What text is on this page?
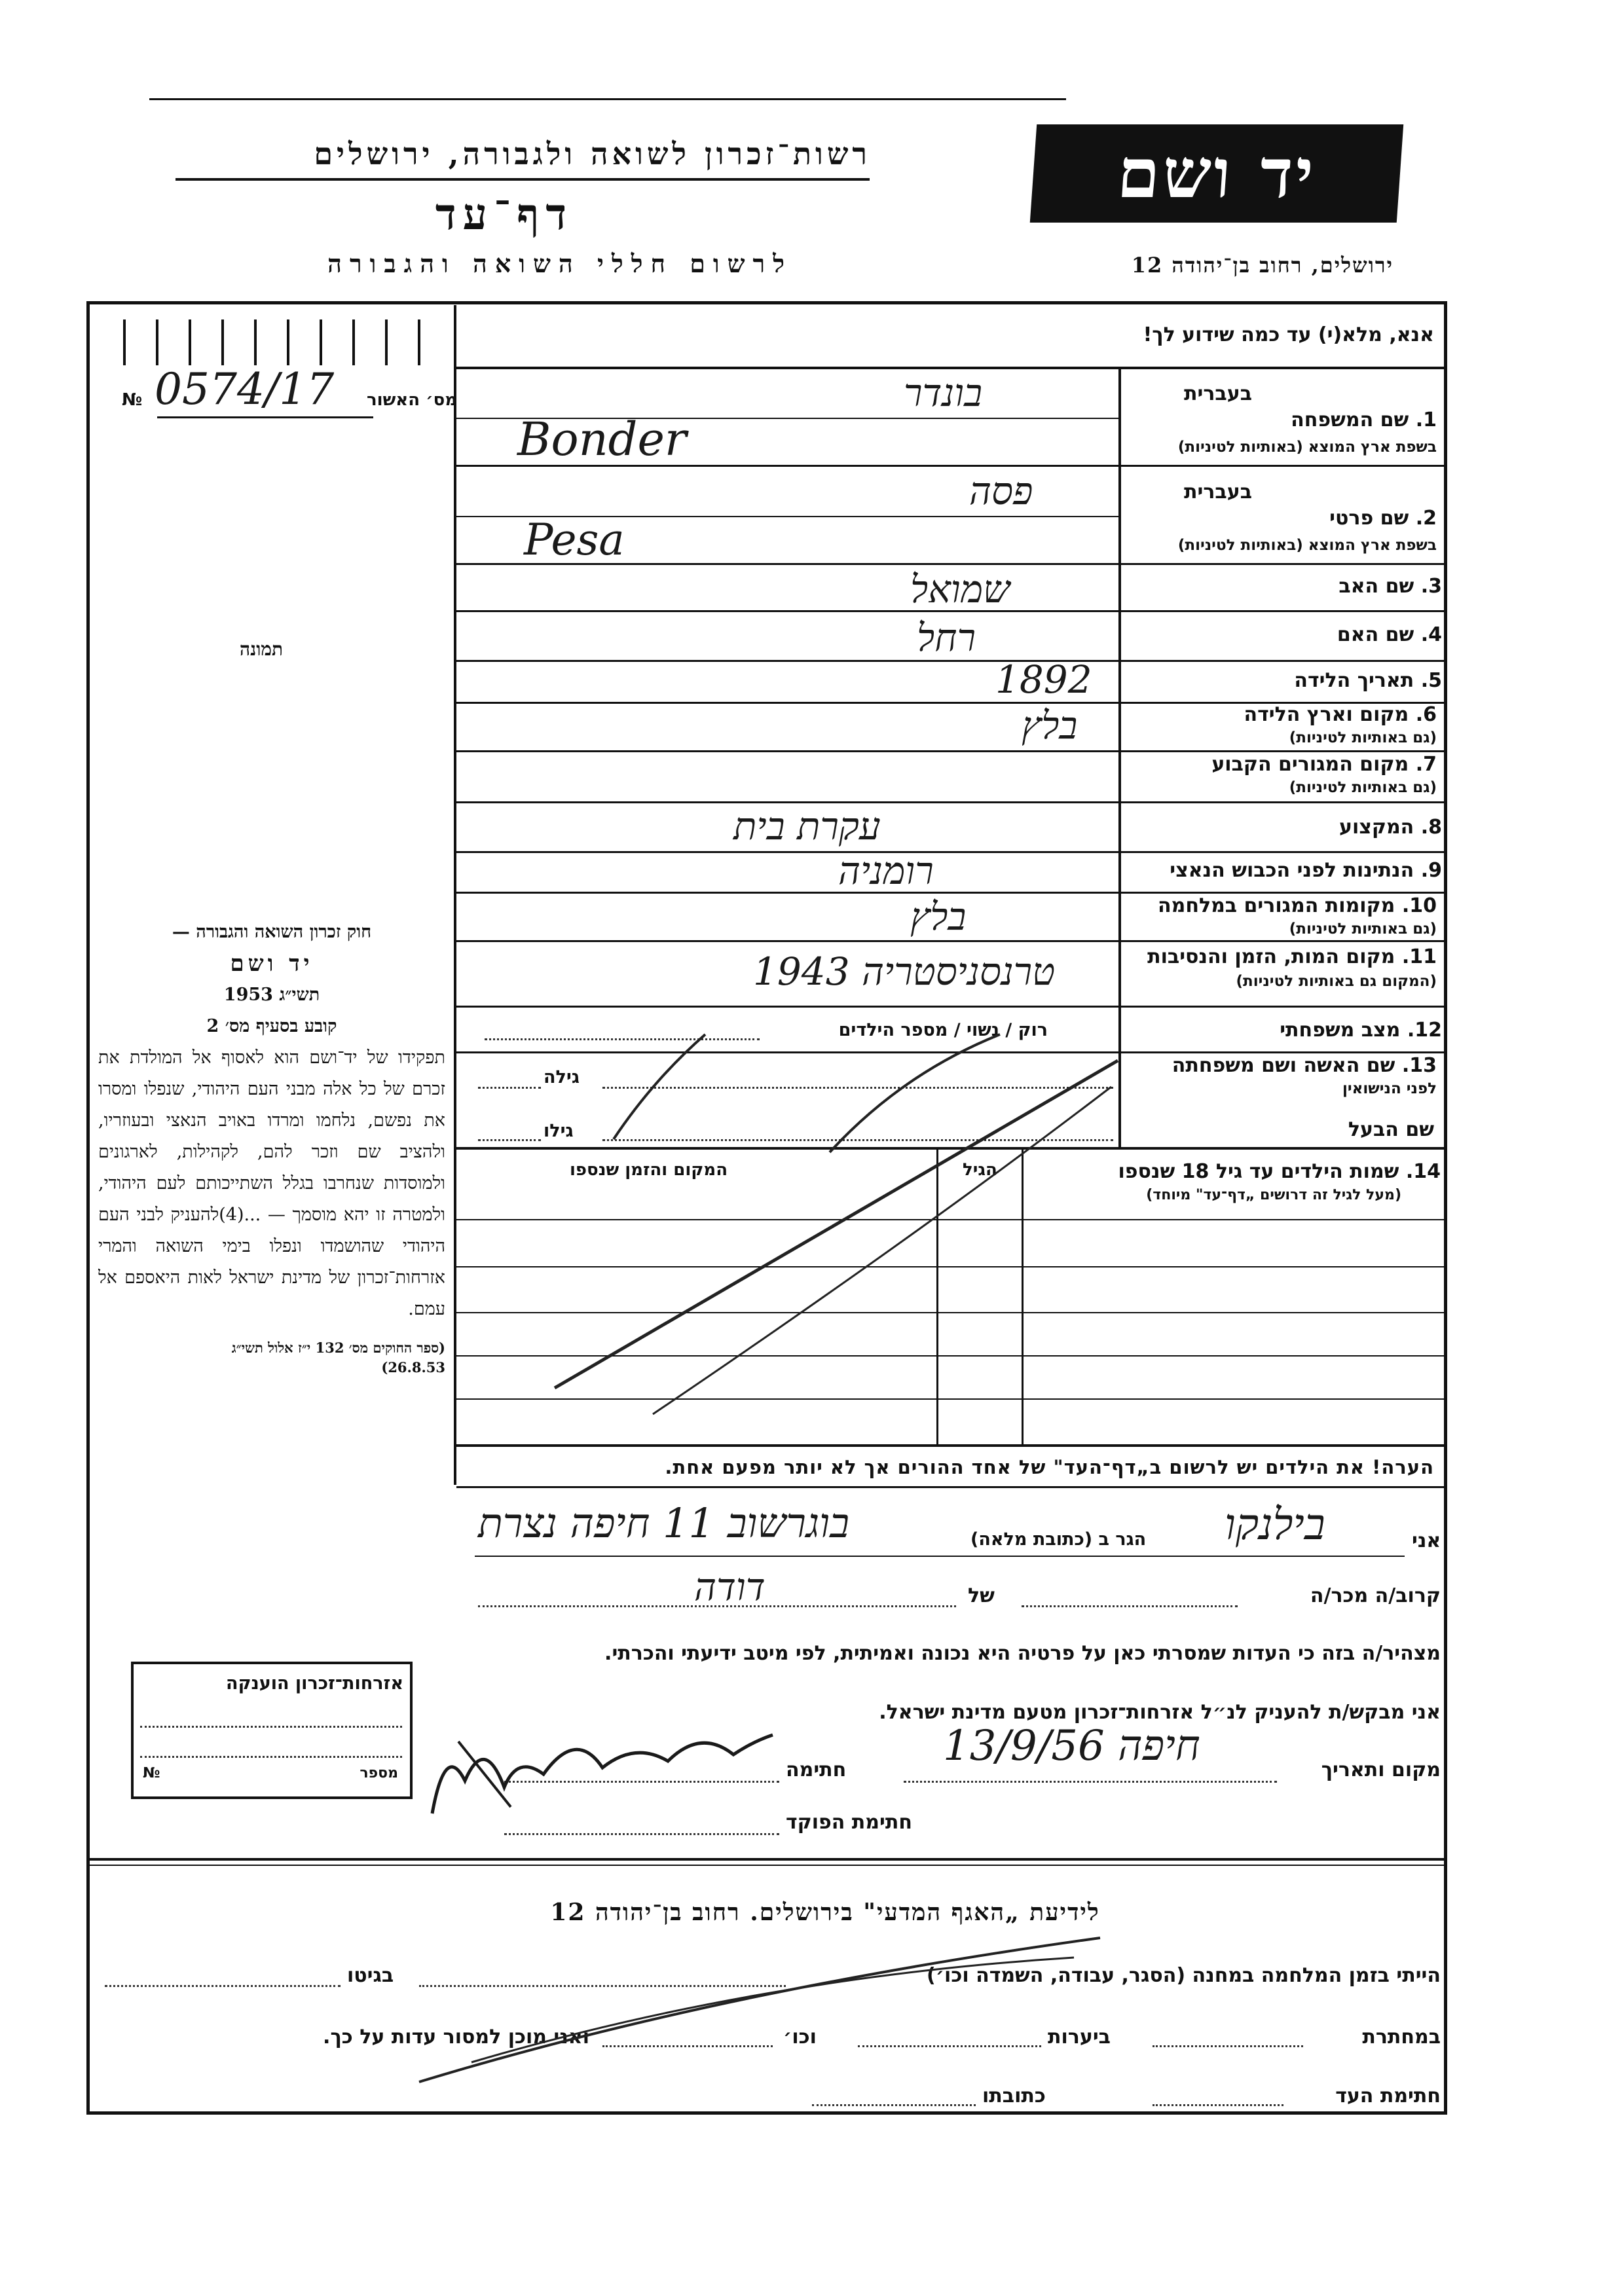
רשות־זכרון לשואה ולגבורה, ירושלים
דף־עד
לרשום חללי השואה והגבורה
יד ושם
ירושלים, רחוב בן־יהודה 12
№ 0574/17 מס׳ האשור
תמונה
חוק זכרון השואה והגבורה —
יד ושם
תשי״ג 1953
קובע בסעיף מס׳ 2
תפקידו של יד־ושם הוא לאסוף אל המולדת את זכרם של כל אלה מבני העם היהודי, שנפלו ומסרו את נפשם, נלחמו ומרדו באויב הנאצי ובעוזריו, ולהציב שם וזכר להם, לקהילות, לארגונים ולמוסדות שנחרבו בגלל השתייכותם לעם היהודי, ולמטרה זו יהא מוסמך — ...(4)להעניק לבני העם היהודי שהושמדו ונפלו בימי השואה והמרי אזרחות־זכרון של מדינת ישראל לאות היאספם אל עמם.
(ספר החוקים מס׳ 132 י״ז אלול תשי״ג 26.8.53)
אנא, מלא(י) עד כמה שידוע לך!
בעברית
1. שם המשפחה
בשפת ארץ המוצא (באותיות לטיניות)
בונדר
Bonder
בעברית
2. שם פרטי
בשפת ארץ המוצא (באותיות לטיניות)
פסה
Pesa
3. שם האב
שמואל
4. שם האם
רחל
5. תאריך הלידה
1892
6. מקום וארץ הלידה
(גם באותיות לטיניות)
בלץ
7. מקום המגורים הקבוע
(גם באותיות לטיניות)
8. המקצוע
עקרת בית
9. הנתינות לפני הכבוש הנאצי
רומניה
10. מקומות המגורים במלחמה
(גם באותיות לטיניות)
בלץ
11. מקום המות, הזמן והנסיבות
(המקום גם באותיות לטיניות)
טרנסניסטריה 1943
12. מצב משפחתי
רוק / נשוי / מספר הילדים
13. שם האשה ושם משפחתה
לפני הנישואין
גילה
שם הבעל
גילו
14. שמות הילדים עד גיל 18 שנספו
(מעל לגיל זה דרושים „דף־עד" מיוחד)
הגיל
המקום והזמן שנספו
הערה! את הילדים יש לרשום ב„דף־העד" של אחד ההורים אך לא יותר מפעם אחת.
אני
הגר ב (כתובת מלאה) בילנקו
בוגרשוב 11 חיפה נצרת
קרוב/ה מכר/ה
של
דודה
מצהיר/ה בזה כי העדות שמסרתי כאן על פרטיה היא נכונה ואמיתית, לפי מיטב ידיעתי והכרתי.
אני מבקש/ת להעניק לנ״ל אזרחות־זכרון מטעם מדינת ישראל.
מקום ותאריך
חיפה 13/9/56
חתימה
חתימת הפוקד
אזרחות־זכרון הוענקה
מספר
№
לידיעת „האגף המדעי" בירושלים. רחוב בן־יהודה 12
הייתי בזמן המלחמה במחנה (הסגר, עבודה, השמדה וכו׳)
בגיטו
במחתרת
ביערות
וכו׳
ואני מוכן למסור עדות על כך.
חתימת העד
כתובתו
